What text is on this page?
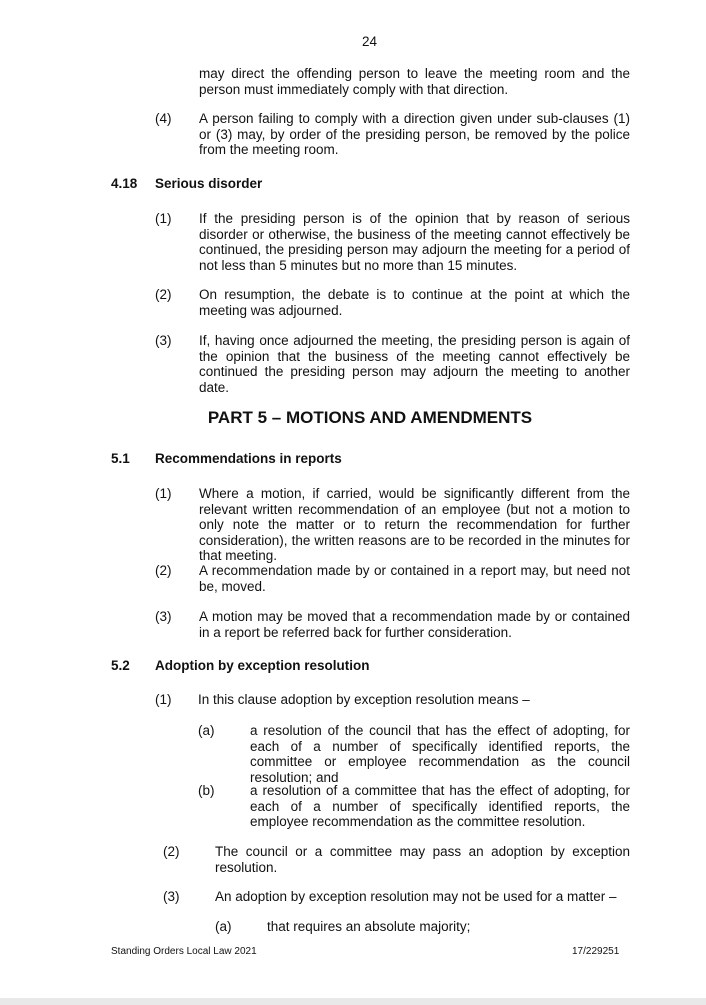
24
may direct the offending person to leave the meeting room and the person must immediately comply with that direction.
(4) A person failing to comply with a direction given under sub-clauses (1) or (3) may, by order of the presiding person, be removed by the police from the meeting room.
4.18 Serious disorder
(1) If the presiding person is of the opinion that by reason of serious disorder or otherwise, the business of the meeting cannot effectively be continued, the presiding person may adjourn the meeting for a period of not less than 5 minutes but no more than 15 minutes.
(2) On resumption, the debate is to continue at the point at which the meeting was adjourned.
(3) If, having once adjourned the meeting, the presiding person is again of the opinion that the business of the meeting cannot effectively be continued the presiding person may adjourn the meeting to another date.
PART 5 – MOTIONS AND AMENDMENTS
5.1 Recommendations in reports
(1) Where a motion, if carried, would be significantly different from the relevant written recommendation of an employee (but not a motion to only note the matter or to return the recommendation for further consideration), the written reasons are to be recorded in the minutes for that meeting.
(2) A recommendation made by or contained in a report may, but need not be, moved.
(3) A motion may be moved that a recommendation made by or contained in a report be referred back for further consideration.
5.2 Adoption by exception resolution
(1) In this clause adoption by exception resolution means –
(a)	a resolution of the council that has the effect of adopting, for each of a number of specifically identified reports, the committee or employee recommendation as the council resolution; and
(b)	a resolution of a committee that has the effect of adopting, for each of a number of specifically identified reports, the employee recommendation as the committee resolution.
(2)	The council or a committee may pass an adoption by exception resolution.
(3)	An adoption by exception resolution may not be used for a matter –
(a)	that requires an absolute majority;
Standing Orders Local Law 2021	17/229251
